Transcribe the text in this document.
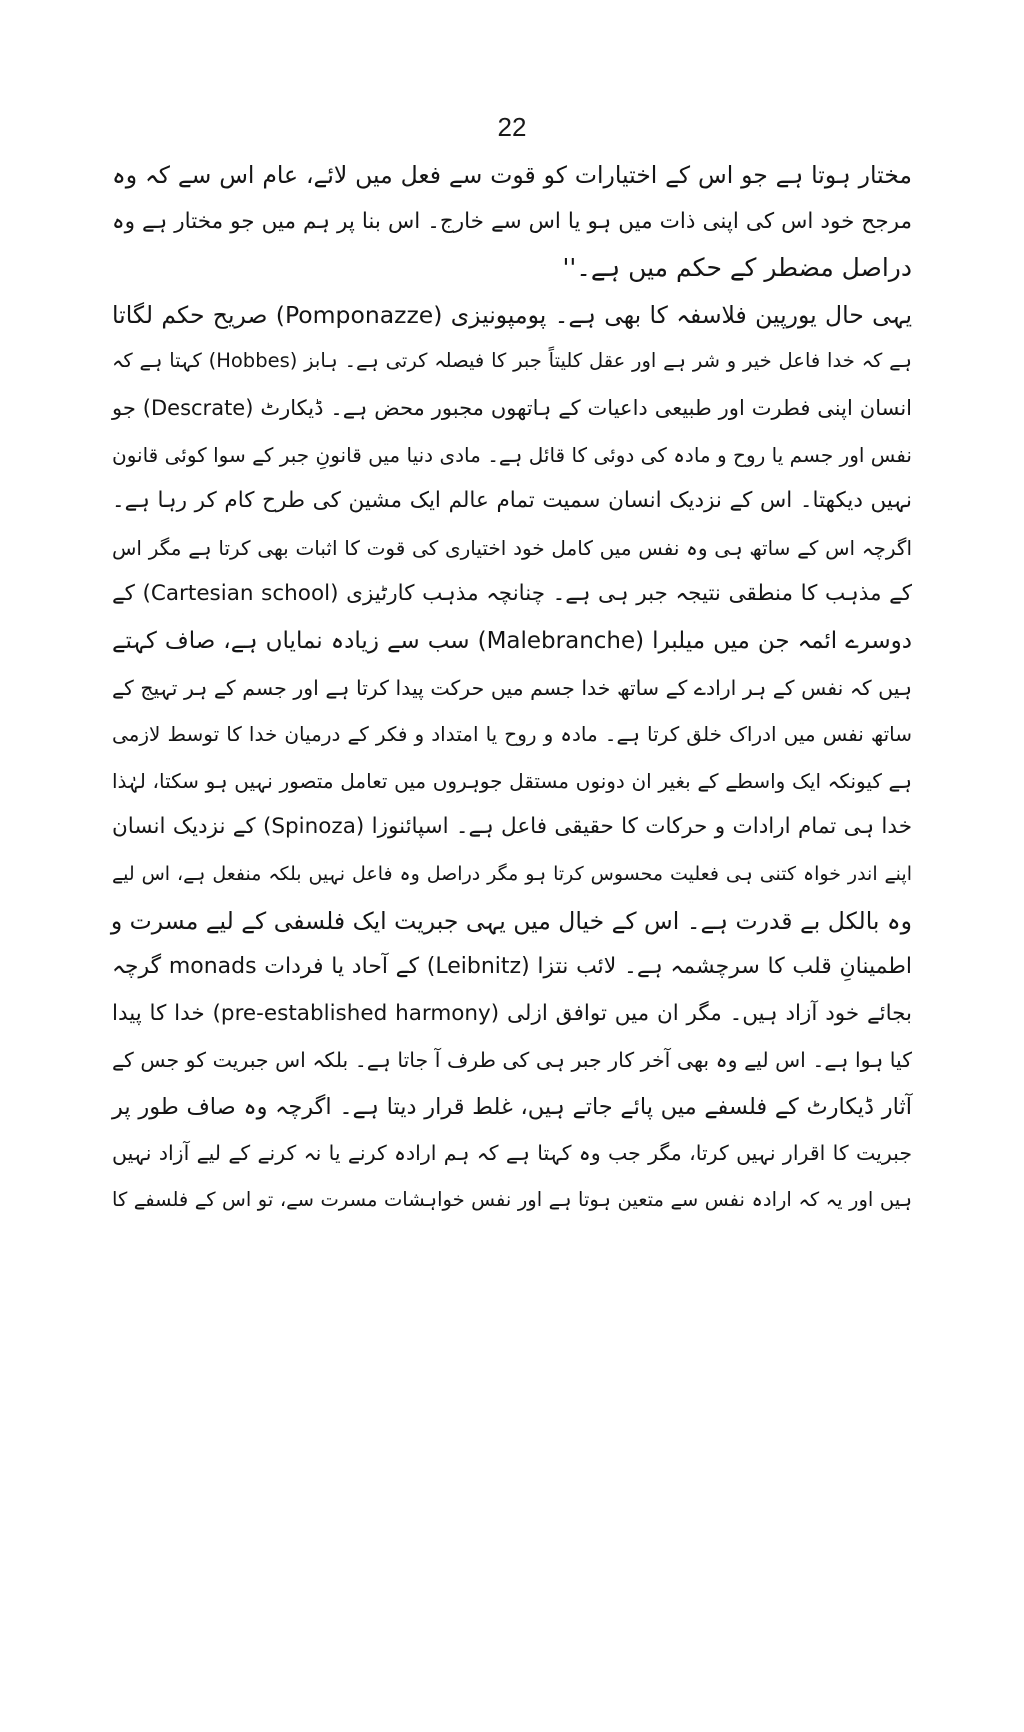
22
مختار ہوتا ہے جو اس کے اختیارات کو قوت سے فعل میں لائے، عام اس سے کہ وہ
مرجح خود اس کی اپنی ذات میں ہو یا اس سے خارج۔ اس بنا پر ہم میں جو مختار ہے وہ
دراصل مضطر کے حکم میں ہے۔''
یہی حال یورپین فلاسفہ کا بھی ہے۔ پومپونیزی (Pomponazze) صریح حکم لگاتا
ہے کہ خدا فاعل خیر و شر ہے اور عقل کلیتاً جبر کا فیصلہ کرتی ہے۔ ہابز (Hobbes) کہتا ہے کہ
انسان اپنی فطرت اور طبیعی داعیات کے ہاتھوں مجبور محض ہے۔ ڈیکارٹ (Descrate) جو
نفس اور جسم یا روح و مادہ کی دوئی کا قائل ہے۔ مادی دنیا میں قانونِ جبر کے سوا کوئی قانون
نہیں دیکھتا۔ اس کے نزدیک انسان سمیت تمام عالم ایک مشین کی طرح کام کر رہا ہے۔
اگرچہ اس کے ساتھ ہی وہ نفس میں کامل خود اختیاری کی قوت کا اثبات بھی کرتا ہے مگر اس
کے مذہب کا منطقی نتیجہ جبر ہی ہے۔ چنانچہ مذہب کارٹیزی (Cartesian school) کے
دوسرے ائمہ جن میں میلبرا (Malebranche) سب سے زیادہ نمایاں ہے، صاف کہتے
ہیں کہ نفس کے ہر ارادے کے ساتھ خدا جسم میں حرکت پیدا کرتا ہے اور جسم کے ہر تہیج کے
ساتھ نفس میں ادراک خلق کرتا ہے۔ مادہ و روح یا امتداد و فکر کے درمیان خدا کا توسط لازمی
ہے کیونکہ ایک واسطے کے بغیر ان دونوں مستقل جوہروں میں تعامل متصور نہیں ہو سکتا، لہٰذا
خدا ہی تمام ارادات و حرکات کا حقیقی فاعل ہے۔ اسپائنوزا (Spinoza) کے نزدیک انسان
اپنے اندر خواہ کتنی ہی فعلیت محسوس کرتا ہو مگر دراصل وہ فاعل نہیں بلکہ منفعل ہے، اس لیے
وہ بالکل بے قدرت ہے۔ اس کے خیال میں یہی جبریت ایک فلسفی کے لیے مسرت و
اطمینانِ قلب کا سرچشمہ ہے۔ لائب نتزا (Leibnitz) کے آحاد یا فردات monads گرچہ
بجائے خود آزاد ہیں۔ مگر ان میں توافق ازلی (pre-established harmony) خدا کا پیدا
کیا ہوا ہے۔ اس لیے وہ بھی آخر کار جبر ہی کی طرف آ جاتا ہے۔ بلکہ اس جبریت کو جس کے
آثار ڈیکارٹ کے فلسفے میں پائے جاتے ہیں، غلط قرار دیتا ہے۔ اگرچہ وہ صاف طور پر
جبریت کا اقرار نہیں کرتا، مگر جب وہ کہتا ہے کہ ہم ارادہ کرنے یا نہ کرنے کے لیے آزاد نہیں
ہیں اور یہ کہ ارادہ نفس سے متعین ہوتا ہے اور نفس خواہشات مسرت سے، تو اس کے فلسفے کا
